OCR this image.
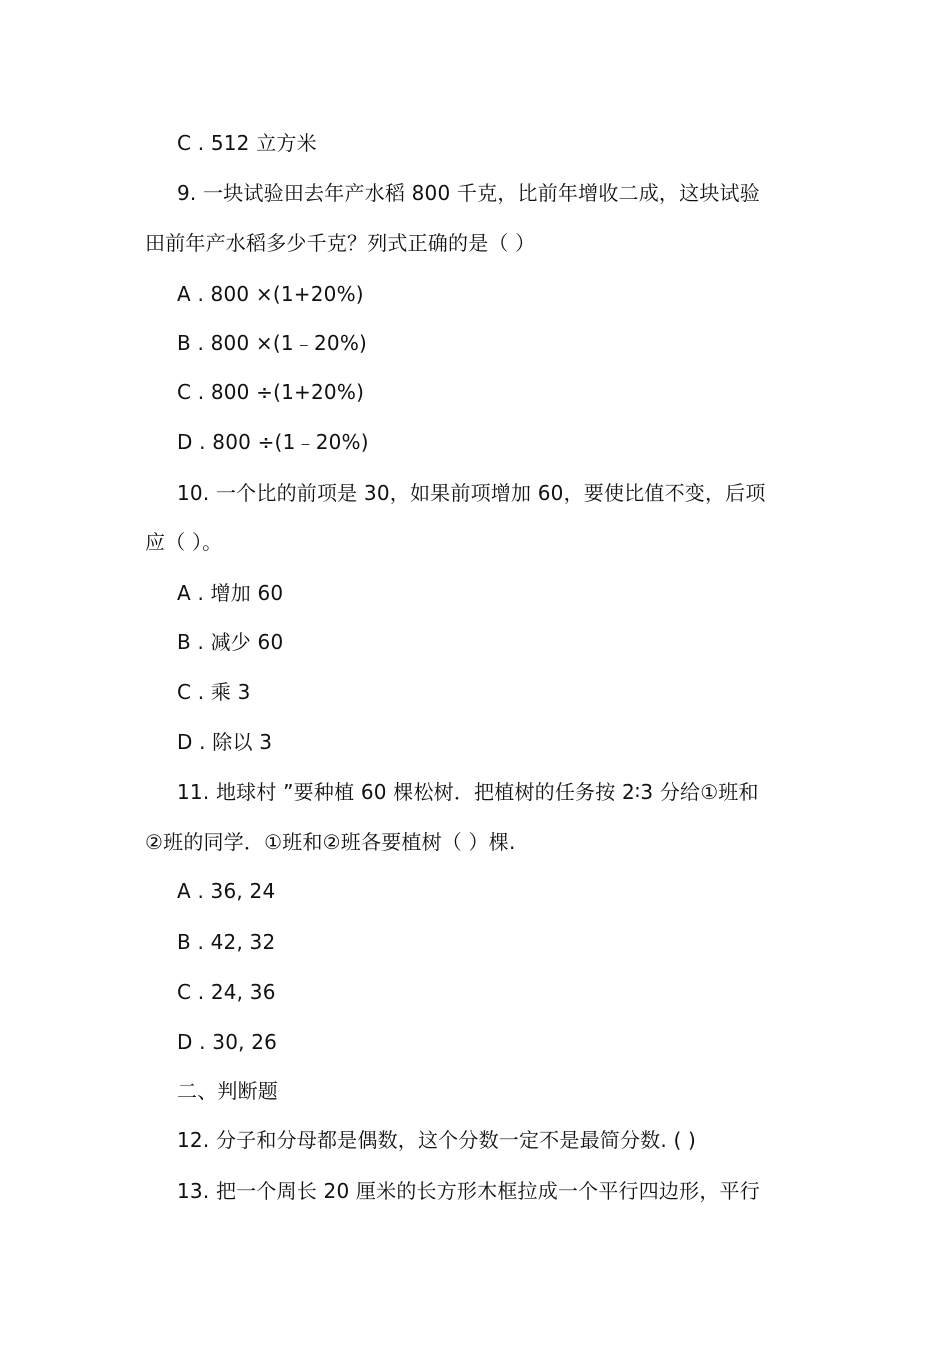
C . 512 立方米
9. 一块试验田去年产水稻 800 千克，比前年增收二成，这块试验
田前年产水稻多少千克？列式正确的是（ ）
A . 800 ×(1+20%)
B . 800 ×(1﹣20%)
C . 800 ÷(1+20%)
D . 800 ÷(1﹣20%)
10. 一个比的前项是 30，如果前项增加 60，要使比值不变，后项
应（ ）。
A . 增加 60
B . 减少 60
C . 乘 3
D . 除以 3
11. 地球村 ”要种植 60 棵松树．把植树的任务按 2∶3 分给①班和
②班的同学．①班和②班各要植树（ ）棵.
A . 36, 24
B . 42, 32
C . 24, 36
D . 30, 26
二、判断题
12. 分子和分母都是偶数，这个分数一定不是最简分数. ( )
13. 把一个周长 20 厘米的长方形木框拉成一个平行四边形，平行
